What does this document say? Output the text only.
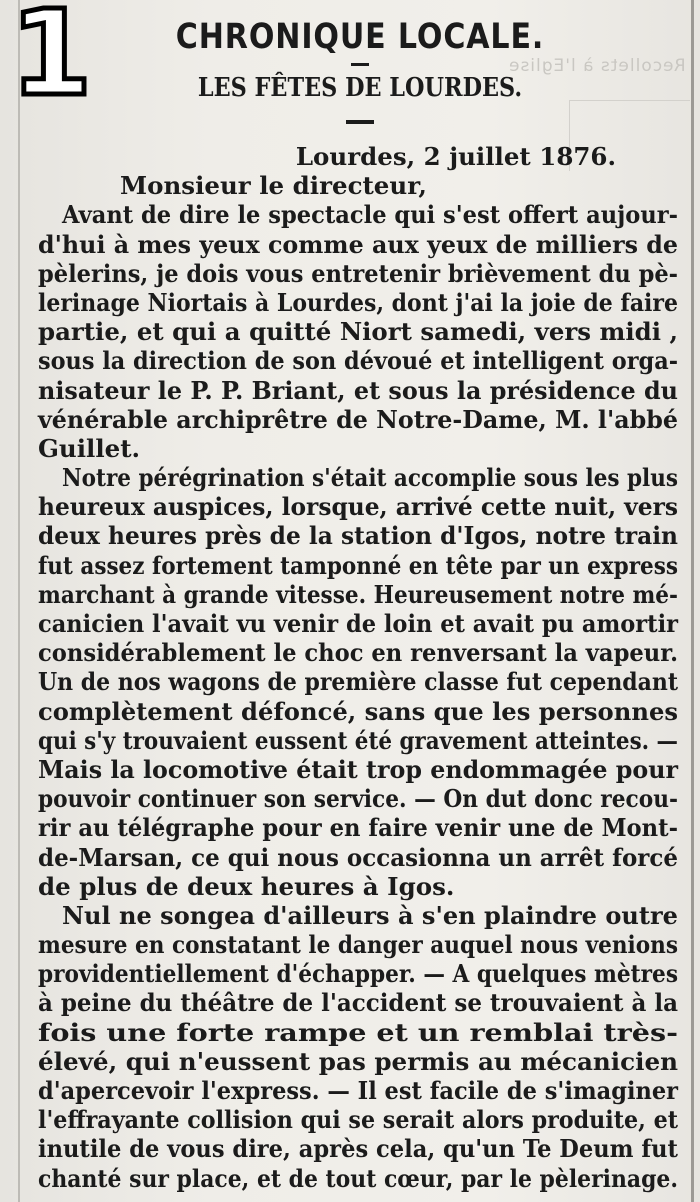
Recollets à l'Eglise
1	CHRONIQUE LOCALE.
LES FÊTES DE LOURDES.
Lourdes, 2 juillet 1876.
Monsieur le directeur,
Avant de dire le spectacle qui s'est offert aujour-
d'hui à mes yeux comme aux yeux de milliers de
pèlerins, je dois vous entretenir brièvement du pè-
lerinage Niortais à Lourdes, dont j'ai la joie de faire
partie, et qui a quitté Niort samedi, vers midi ,
sous la direction de son dévoué et intelligent orga-
nisateur le P. P. Briant, et sous la présidence du
vénérable archiprêtre de Notre-Dame, M. l'abbé
Guillet.
Notre pérégrination s'était accomplie sous les plus
heureux auspices, lorsque, arrivé cette nuit, vers
deux heures près de la station d'Igos, notre train
fut assez fortement tamponné en tête par un express
marchant à grande vitesse. Heureusement notre mé-
canicien l'avait vu venir de loin et avait pu amortir
considérablement le choc en renversant la vapeur.
Un de nos wagons de première classe fut cependant
complètement défoncé, sans que les personnes
qui s'y trouvaient eussent été gravement atteintes. —
Mais la locomotive était trop endommagée pour
pouvoir continuer son service. — On dut donc recou-
rir au télégraphe pour en faire venir une de Mont-
de-Marsan, ce qui nous occasionna un arrêt forcé
de plus de deux heures à Igos.
Nul ne songea d'ailleurs à s'en plaindre outre
mesure en constatant le danger auquel nous venions
providentiellement d'échapper. — A quelques mètres
à peine du théâtre de l'accident se trouvaient à la
fois une forte rampe et un remblai très-
élevé, qui n'eussent pas permis au mécanicien
d'apercevoir l'express. — Il est facile de s'imaginer
l'effrayante collision qui se serait alors produite, et
inutile de vous dire, après cela, qu'un Te Deum fut
chanté sur place, et de tout cœur, par le pèlerinage.
